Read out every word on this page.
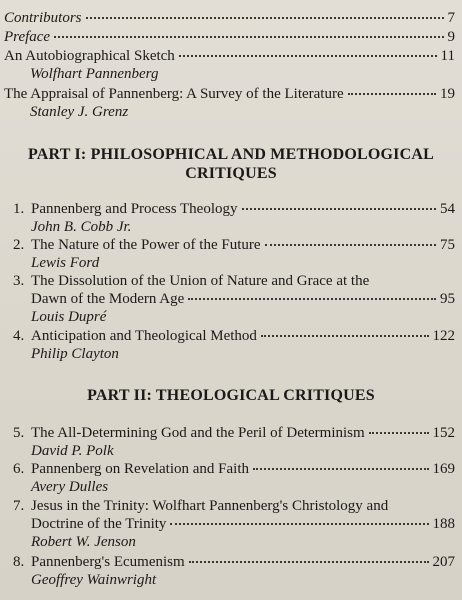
Contributors	7
Preface	9
An Autobiographical Sketch	11
Wolfhart Pannenberg
The Appraisal of Pannenberg: A Survey of the Literature	19
Stanley J. Grenz
PART I: PHILOSOPHICAL AND METHODOLOGICAL
CRITIQUES
1. Pannenberg and Process Theology	54
John B. Cobb Jr.
2. The Nature of the Power of the Future	75
Lewis Ford
3. The Dissolution of the Union of Nature and Grace at the
Dawn of the Modern Age	95
Louis Dupré
4. Anticipation and Theological Method	122
Philip Clayton
PART II: THEOLOGICAL CRITIQUES
5. The All-Determining God and the Peril of Determinism	152
David P. Polk
6. Pannenberg on Revelation and Faith	169
Avery Dulles
7. Jesus in the Trinity: Wolfhart Pannenberg's Christology and
Doctrine of the Trinity	188
Robert W. Jenson
8. Pannenberg's Ecumenism	207
Geoffrey Wainwright
